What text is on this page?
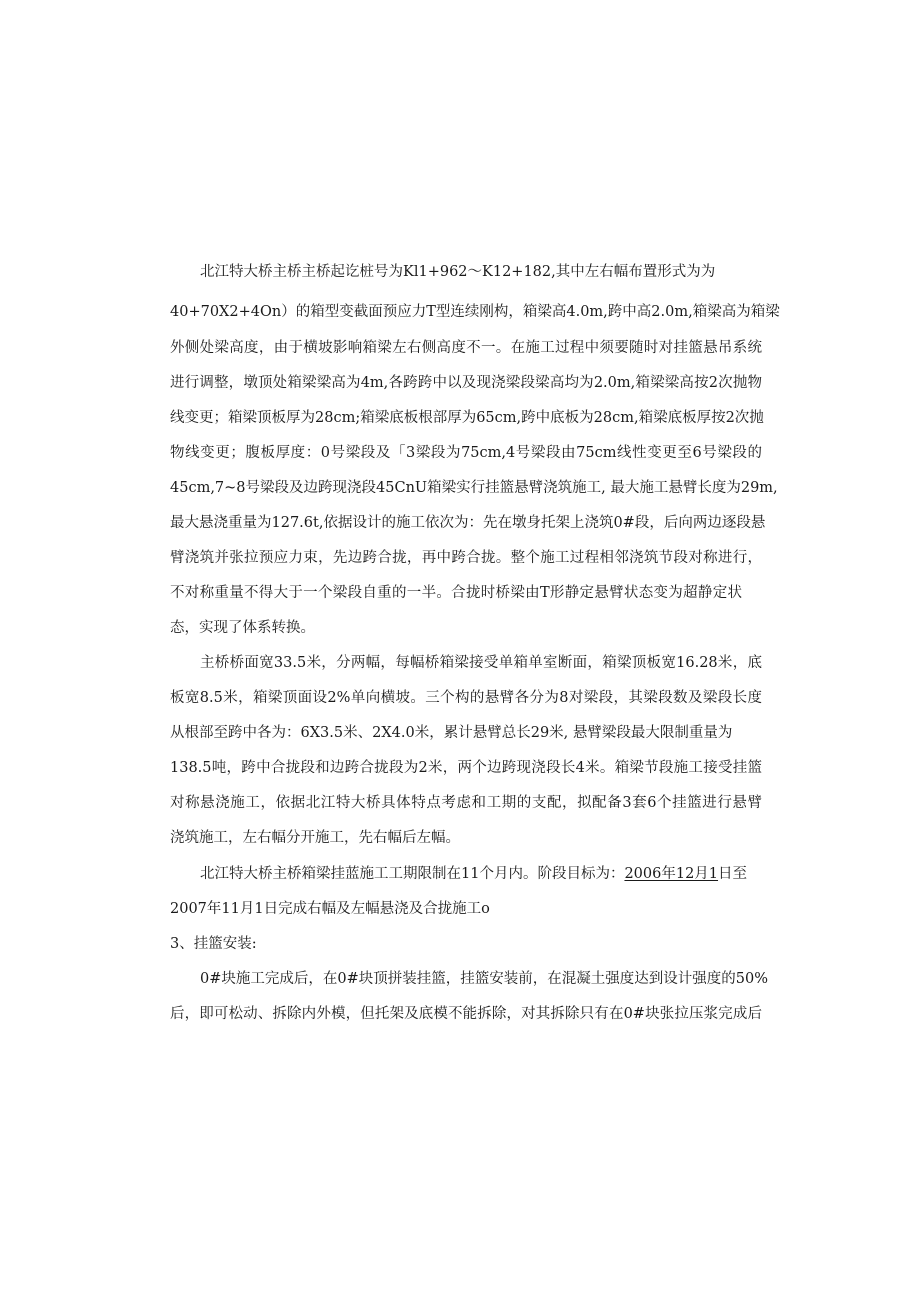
北江特大桥主桥主桥起讫桩号为Kl1+962～K12+182,其中左右幅布置形式为为
40+70X2+4On）的箱型变截面预应力T型连续刚构，箱梁高4.0m,跨中高2.0m,箱梁高为箱梁
外侧处梁高度，由于横坡影响箱梁左右侧高度不一。在施工过程中须要随时对挂篮悬吊系统
进行调整，墩顶处箱梁梁高为4m,各跨跨中以及现浇梁段梁高均为2.0m,箱梁梁高按2次抛物
线变更；箱梁顶板厚为28cm;箱梁底板根部厚为65cm,跨中底板为28cm,箱梁底板厚按2次抛
物线变更；腹板厚度：0号梁段及「3梁段为75cm,4号梁段由75cm线性变更至6号梁段的
45cm,7~8号梁段及边跨现浇段45CnU箱梁实行挂篮悬臂浇筑施工, 最大施工悬臂长度为29m,
最大悬浇重量为127.6t,依据设计的施工依次为：先在墩身托架上浇筑0#段，后向两边逐段悬
臂浇筑并张拉预应力束，先边跨合拢，再中跨合拢。整个施工过程相邻浇筑节段对称进行，
不对称重量不得大于一个梁段自重的一半。合拢时桥梁由T形静定悬臂状态变为超静定状
态，实现了体系转换。
主桥桥面宽33.5米，分两幅，每幅桥箱梁接受单箱单室断面，箱梁顶板宽16.28米，底
板宽8.5米，箱梁顶面设2%单向横坡。三个构的悬臂各分为8对梁段，其梁段数及梁段长度
从根部至跨中各为：6X3.5米、2X4.0米，累计悬臂总长29米, 悬臂梁段最大限制重量为
138.5吨，跨中合拢段和边跨合拢段为2米，两个边跨现浇段长4米。箱梁节段施工接受挂篮
对称悬浇施工，依据北江特大桥具体特点考虑和工期的支配，拟配备3套6个挂篮进行悬臂
浇筑施工，左右幅分开施工，先右幅后左幅。
北江特大桥主桥箱梁挂蓝施工工期限制在11个月内。阶段目标为：2006年12月1日至
2007年11月1日完成右幅及左幅悬浇及合拢施工o
3、挂篮安装:
0#块施工完成后，在0#块顶拼装挂篮，挂篮安装前，在混凝土强度达到设计强度的50%
后，即可松动、拆除内外模，但托架及底模不能拆除，对其拆除只有在0#块张拉压浆完成后
